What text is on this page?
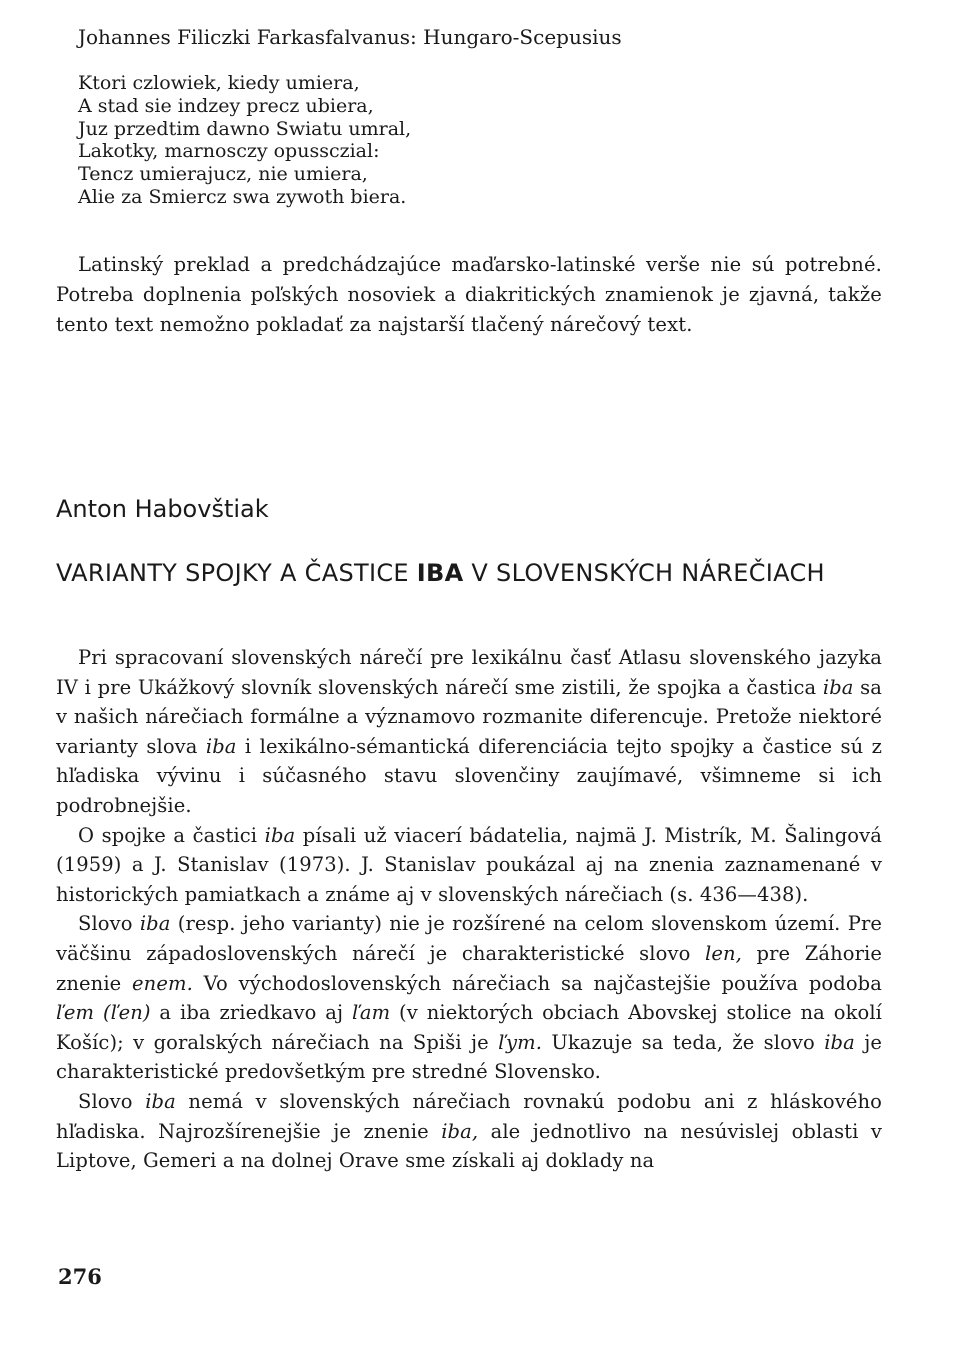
Johannes Filiczki Farkasfalvanus: Hungaro-Scepusius
Ktori czlowiek, kiedy umiera,
A stad sie indzey precz ubiera,
Juz przedtim dawno Swiatu umral,
Lakotky, marnosczy opussczial:
Tencz umierajucz, nie umiera,
Alie za Smiercz swa zywoth biera.
Latinský preklad a predchádzajúce maďarsko-latinské verše nie sú potrebné. Potreba doplnenia poľských nosoviek a diakritických znamienok je zjavná, takže tento text nemožno pokladať za najstarší tlačený nárečový text.
Anton Habovštiak
VARIANTY SPOJKY A ČASTICE IBA V SLOVENSKÝCH NÁREČIACH

Pri spracovaní slovenských nárečí pre lexikálnu časť Atlasu slovenského jazyka IV i pre Ukážkový slovník slovenských nárečí sme zistili, že spojka a častica iba sa v našich nárečiach formálne a významovo rozmanite diferencuje. Pretože niektoré varianty slova iba i lexikálno-sémantická diferenciácia tejto spojky a častice sú z hľadiska vývinu i súčasného stavu slovenčiny zaujímavé, všimneme si ich podrobnejšie.

O spojke a častici iba písali už viacerí bádatelia, najmä J. Mistrík, M. Šalingová (1959) a J. Stanislav (1973). J. Stanislav poukázal aj na znenia zaznamenané v historických pamiatkach a známe aj v slovenských nárečiach (s. 436—438).

Slovo iba (resp. jeho varianty) nie je rozšírené na celom slovenskom území. Pre väčšinu západoslovenských nárečí je charakteristické slovo len, pre Záhorie znenie enem. Vo východoslovenských nárečiach sa najčastejšie používa podoba ľem (ľen) a iba zriedkavo aj ľam (v niektorých obciach Abovskej stolice na okolí Košíc); v goralských nárečiach na Spiši je ľym. Ukazuje sa teda, že slovo iba je charakteristické predovšetkým pre stredné Slovensko.

Slovo iba nemá v slovenských nárečiach rovnakú podobu ani z hláskového hľadiska. Najrozšírenejšie je znenie iba, ale jednotlivo na nesúvislej oblasti v Liptove, Gemeri a na dolnej Orave sme získali aj doklady na

276
